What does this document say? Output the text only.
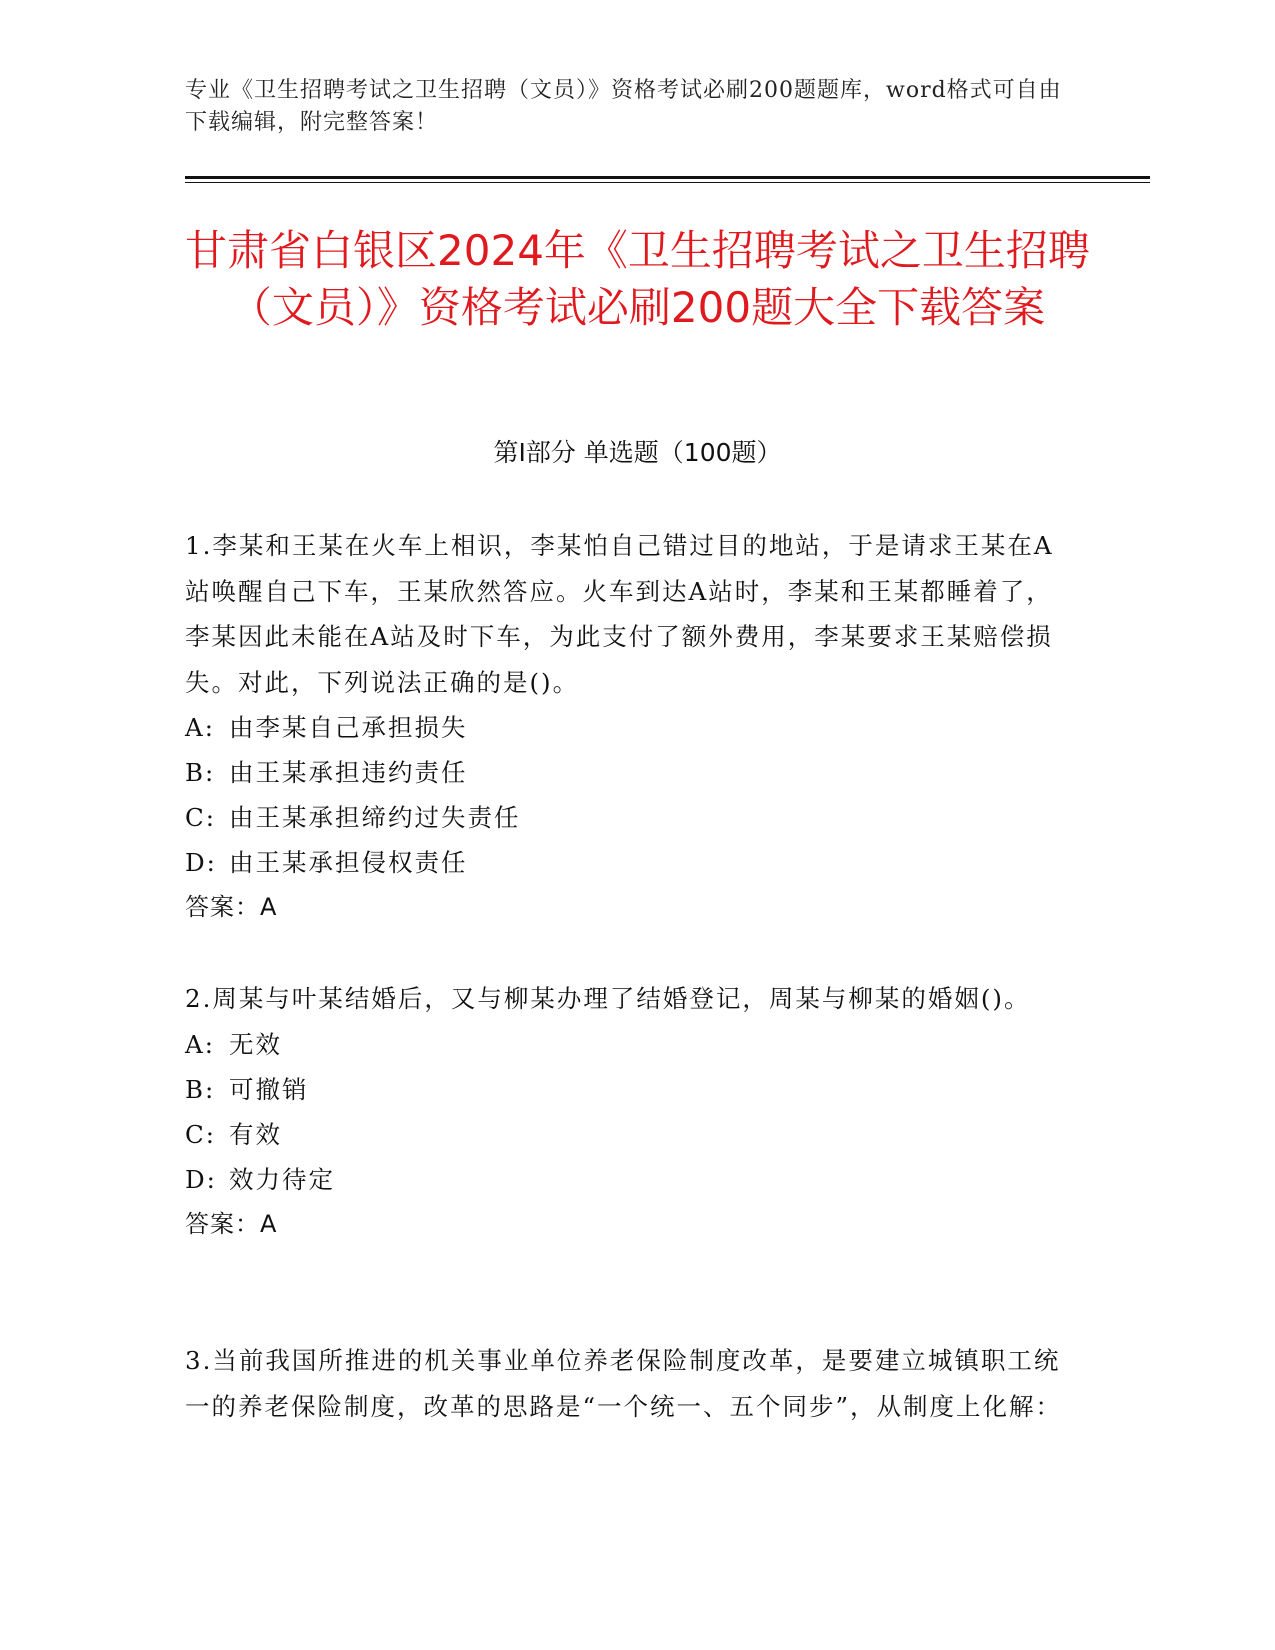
专业《卫生招聘考试之卫生招聘（文员）》资格考试必刷200题题库，word格式可自由下载编辑，附完整答案！
甘肃省白银区2024年《卫生招聘考试之卫生招聘（文员）》资格考试必刷200题大全下载答案
第I部分 单选题（100题）
1.李某和王某在火车上相识，李某怕自己错过目的地站，于是请求王某在A站唤醒自己下车，王某欣然答应。火车到达A站时，李某和王某都睡着了，李某因此未能在A站及时下车，为此支付了额外费用，李某要求王某赔偿损失。对此，下列说法正确的是()。
A: 由李某自己承担损失
B: 由王某承担违约责任
C: 由王某承担缔约过失责任
D: 由王某承担侵权责任
答案：A
2.周某与叶某结婚后，又与柳某办理了结婚登记，周某与柳某的婚姻()。
A: 无效
B: 可撤销
C: 有效
D: 效力待定
答案：A
3.当前我国所推进的机关事业单位养老保险制度改革，是要建立城镇职工统一的养老保险制度，改革的思路是“一个统一、五个同步”，从制度上化解：
